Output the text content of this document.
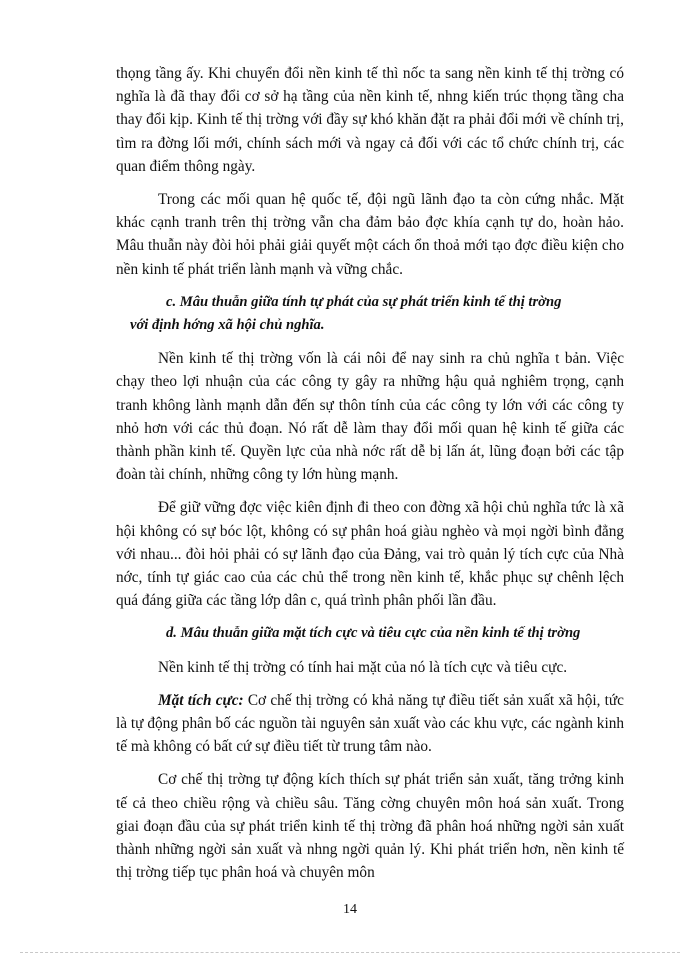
thọng tầng ấy. Khi chuyển đổi nền kinh tế thì nốc ta sang nền kinh tế thị trờng có nghĩa là đã thay đổi cơ sở hạ tầng của nền kinh tế, nhng kiến trúc thọng tầng cha thay đổi kịp. Kinh tế thị trờng với đầy sự khó khăn đặt ra phải đổi mới về chính trị, tìm ra đờng lối mới, chính sách mới và ngay cả đối với các tổ chức chính trị, các quan điểm thông ngày.

Trong các mối quan hệ quốc tế, đội ngũ lãnh đạo ta còn cứng nhắc. Mặt khác cạnh tranh trên thị trờng vẫn cha đảm bảo đợc khía cạnh tự do, hoàn hảo. Mâu thuẫn này đòi hỏi phải giải quyết một cách ổn thoả mới tạo đợc điều kiện cho nền kinh tế phát triển lành mạnh và vững chắc.

c. Mâu thuẫn giữa tính tự phát của sự phát triển kinh tế thị trờng
với định hớng xã hội chủ nghĩa.

Nền kinh tế thị trờng vốn là cái nôi để nay sinh ra chủ nghĩa t bản. Việc chạy theo lợi nhuận của các công ty gây ra những hậu quả nghiêm trọng, cạnh tranh không lành mạnh dẫn đến sự thôn tính của các công ty lớn với các công ty nhỏ hơn với các thủ đoạn. Nó rất dễ làm thay đổi mối quan hệ kinh tế giữa các thành phần kinh tế. Quyền lực của nhà nớc rất dễ bị lấn át, lũng đoạn bởi các tập đoàn tài chính, những công ty lớn hùng mạnh.

Để giữ vững đợc việc kiên định đi theo con đờng xã hội chủ nghĩa tức là xã hội không có sự bóc lột, không có sự phân hoá giàu nghèo và mọi ngời bình đẳng với nhau... đòi hỏi phải có sự lãnh đạo của Đảng, vai trò quản lý tích cực của Nhà nớc, tính tự giác cao của các chủ thể trong nền kinh tế, khắc phục sự chênh lệch quá đáng giữa các tầng lớp dân c, quá trình phân phối lần đầu.

d. Mâu thuẫn giữa mặt tích cực và tiêu cực của nền kinh tế thị trờng

Nền kinh tế thị trờng có tính hai mặt của nó là tích cực và tiêu cực.

Mặt tích cực: Cơ chế thị trờng có khả năng tự điều tiết sản xuất xã hội, tức là tự động phân bố các nguồn tài nguyên sản xuất vào các khu vực, các ngành kinh tế mà không có bất cứ sự điều tiết từ trung tâm nào.

Cơ chế thị trờng tự động kích thích sự phát triển sản xuất, tăng trởng kinh tế cả theo chiều rộng và chiều sâu. Tăng cờng chuyên môn hoá sản xuất. Trong giai đoạn đầu của sự phát triển kinh tế thị trờng đã phân hoá những ngời sản xuất thành những ngời sản xuất và nhng ngời quản lý. Khi phát triển hơn, nền kinh tế thị trờng tiếp tục phân hoá và chuyên môn

14
